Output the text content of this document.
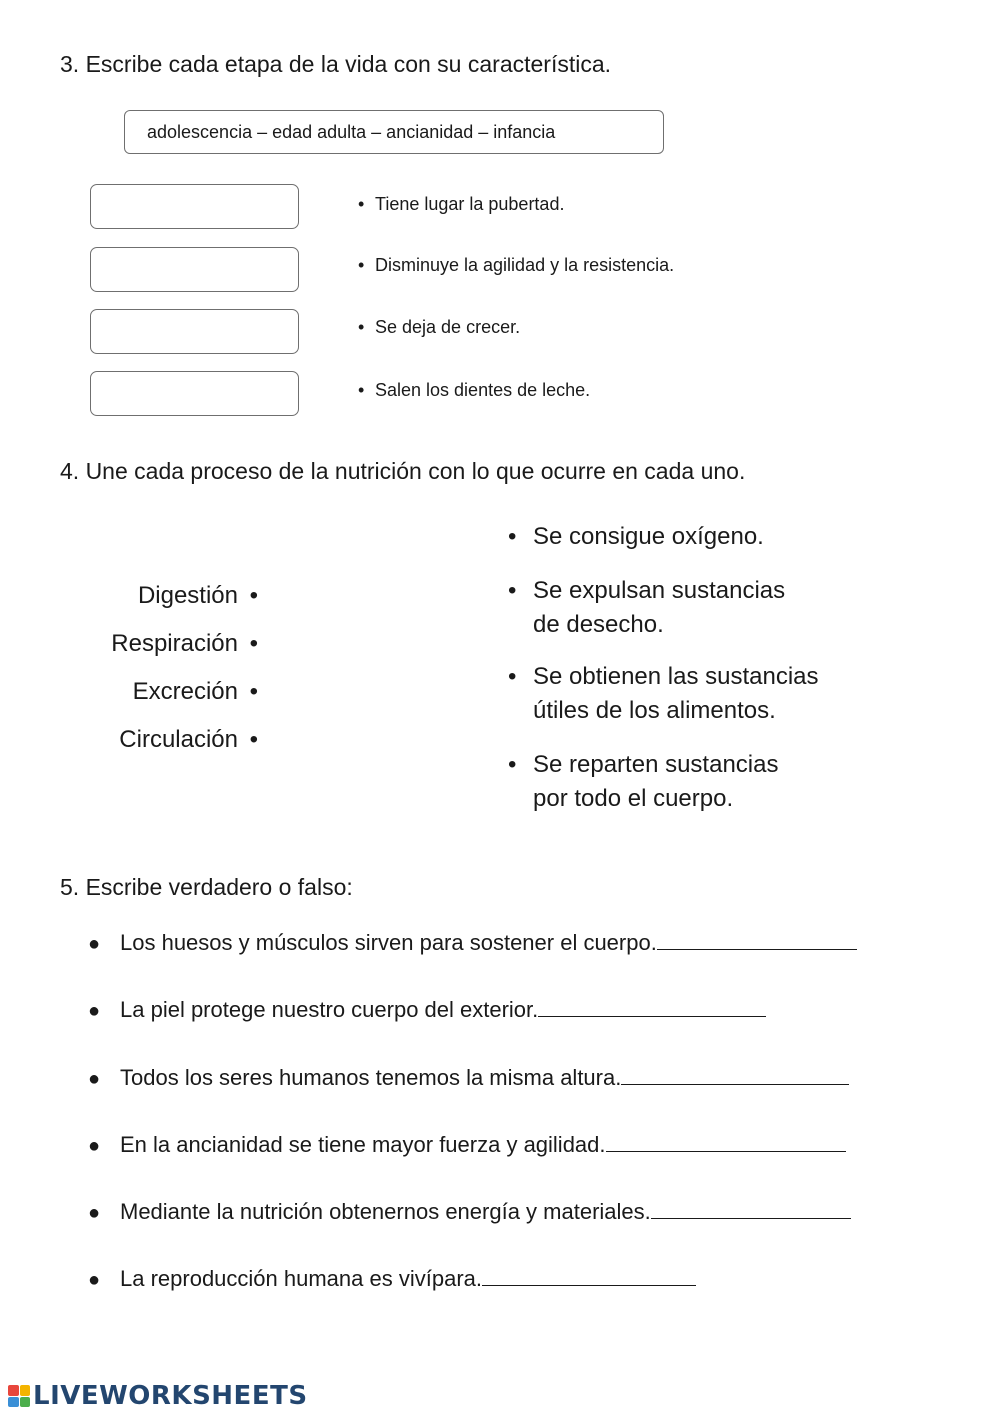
3. Escribe cada etapa de la vida con su característica.
adolescencia – edad adulta – ancianidad – infancia
• Tiene lugar la pubertad.
• Disminuye la agilidad y la resistencia.
• Se deja de crecer.
• Salen los dientes de leche.
4. Une cada proceso de la nutrición con lo que ocurre en cada uno.
Digestión •
Respiración •
Excreción •
Circulación •
• Se consigue oxígeno.
• Se expulsan sustancias
de desecho.
• Se obtienen las sustancias
útiles de los alimentos.
• Se reparten sustancias
por todo el cuerpo.
5. Escribe verdadero o falso:
● Los huesos y músculos sirven para sostener el cuerpo.
● La piel protege nuestro cuerpo del exterior.
● Todos los seres humanos tenemos la misma altura.
● En la ancianidad se tiene mayor fuerza y agilidad.
● Mediante la nutrición obtenernos energía y materiales.
● La reproducción humana es vivípara.
LIVEWORKSHEETS
